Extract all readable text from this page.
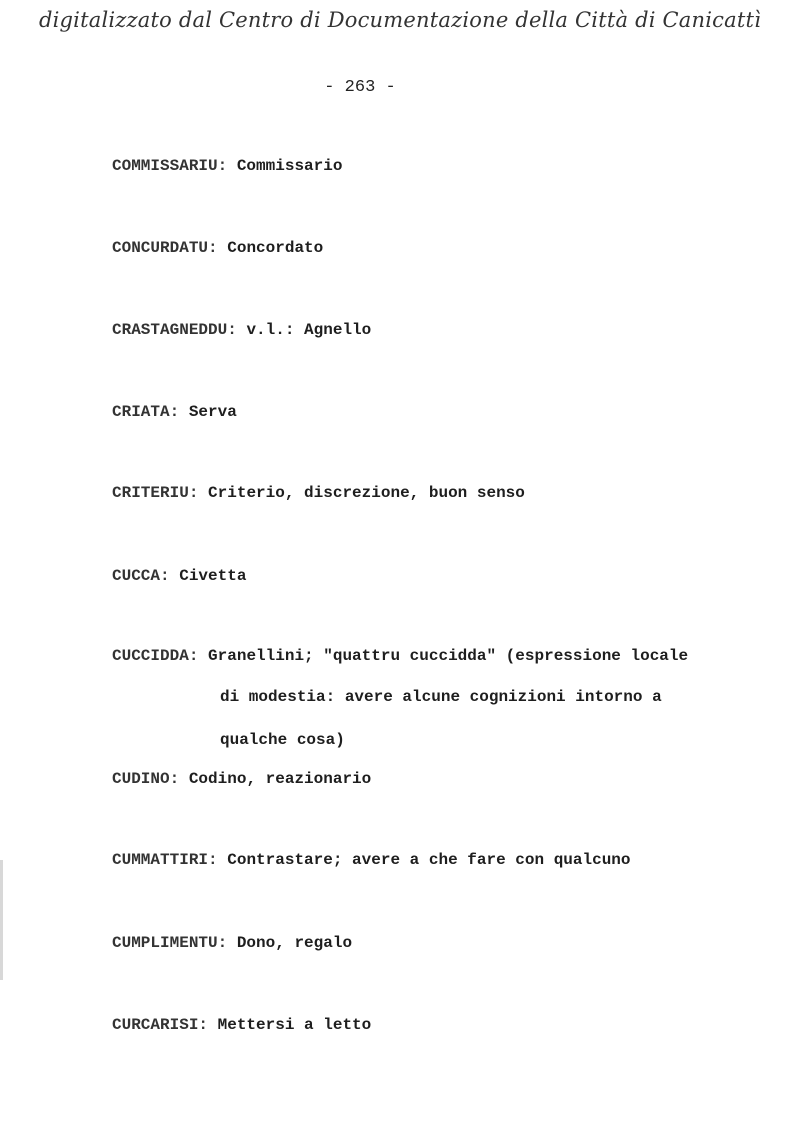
digitalizzato dal Centro di Documentazione della Città di Canicattì
- 263 -
COMMISSARIU: Commissario
CONCURDATU: Concordato
CRASTAGNEDDU: v.l.: Agnello
CRIATA: Serva
CRITERIU: Criterio, discrezione, buon senso
CUCCA: Civetta
CUCCIDDA: Granellini; "quattru cuccidda" (espressione locale
di modestia: avere alcune cognizioni intorno a
qualche cosa)
CUDINO: Codino, reazionario
CUMMATTIRI: Contrastare; avere a che fare con qualcuno
CUMPLIMENTU: Dono, regalo
CURCARISI: Mettersi a letto
